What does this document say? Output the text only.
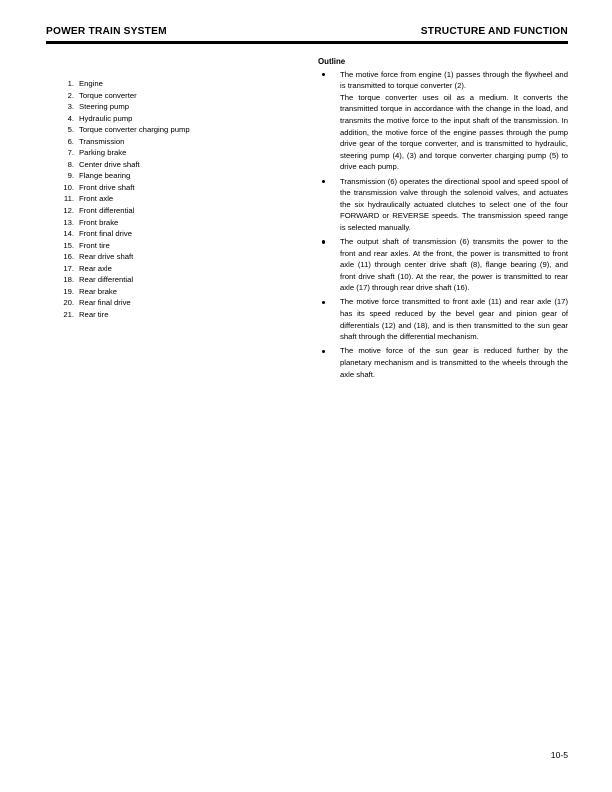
POWER TRAIN SYSTEM	STRUCTURE AND FUNCTION
1. Engine
2. Torque converter
3. Steering pump
4. Hydraulic pump
5. Torque converter charging pump
6. Transmission
7. Parking brake
8. Center drive shaft
9. Flange bearing
10. Front drive shaft
11. Front axle
12. Front differential
13. Front brake
14. Front final drive
15. Front tire
16. Rear drive shaft
17. Rear axle
18. Rear differential
19. Rear brake
20. Rear final drive
21. Rear tire
Outline
The motive force from engine (1) passes through the flywheel and is transmitted to torque converter (2).
The torque converter uses oil as a medium. It converts the transmitted torque in accordance with the change in the load, and transmits the motive force to the input shaft of the transmission. In addition, the motive force of the engine passes through the pump drive gear of the torque converter, and is transmitted to hydraulic, steering pump (4), (3) and torque converter charging pump (5) to drive each pump.
Transmission (6) operates the directional spool and speed spool of the transmission valve through the solenoid valves, and actuates the six hydraulically actuated clutches to select one of the four FORWARD or REVERSE speeds. The transmission speed range is selected manually.
The output shaft of transmission (6) transmits the power to the front and rear axles. At the front, the power is transmitted to front axle (11) through center drive shaft (8), flange bearing (9), and front drive shaft (10). At the rear, the power is transmitted to rear axle (17) through rear drive shaft (16).
The motive force transmitted to front axle (11) and rear axle (17) has its speed reduced by the bevel gear and pinion gear of differentials (12) and (18), and is then transmitted to the sun gear shaft through the differential mechanism.
The motive force of the sun gear is reduced further by the planetary mechanism and is transmitted to the wheels through the axle shaft.
10-5
